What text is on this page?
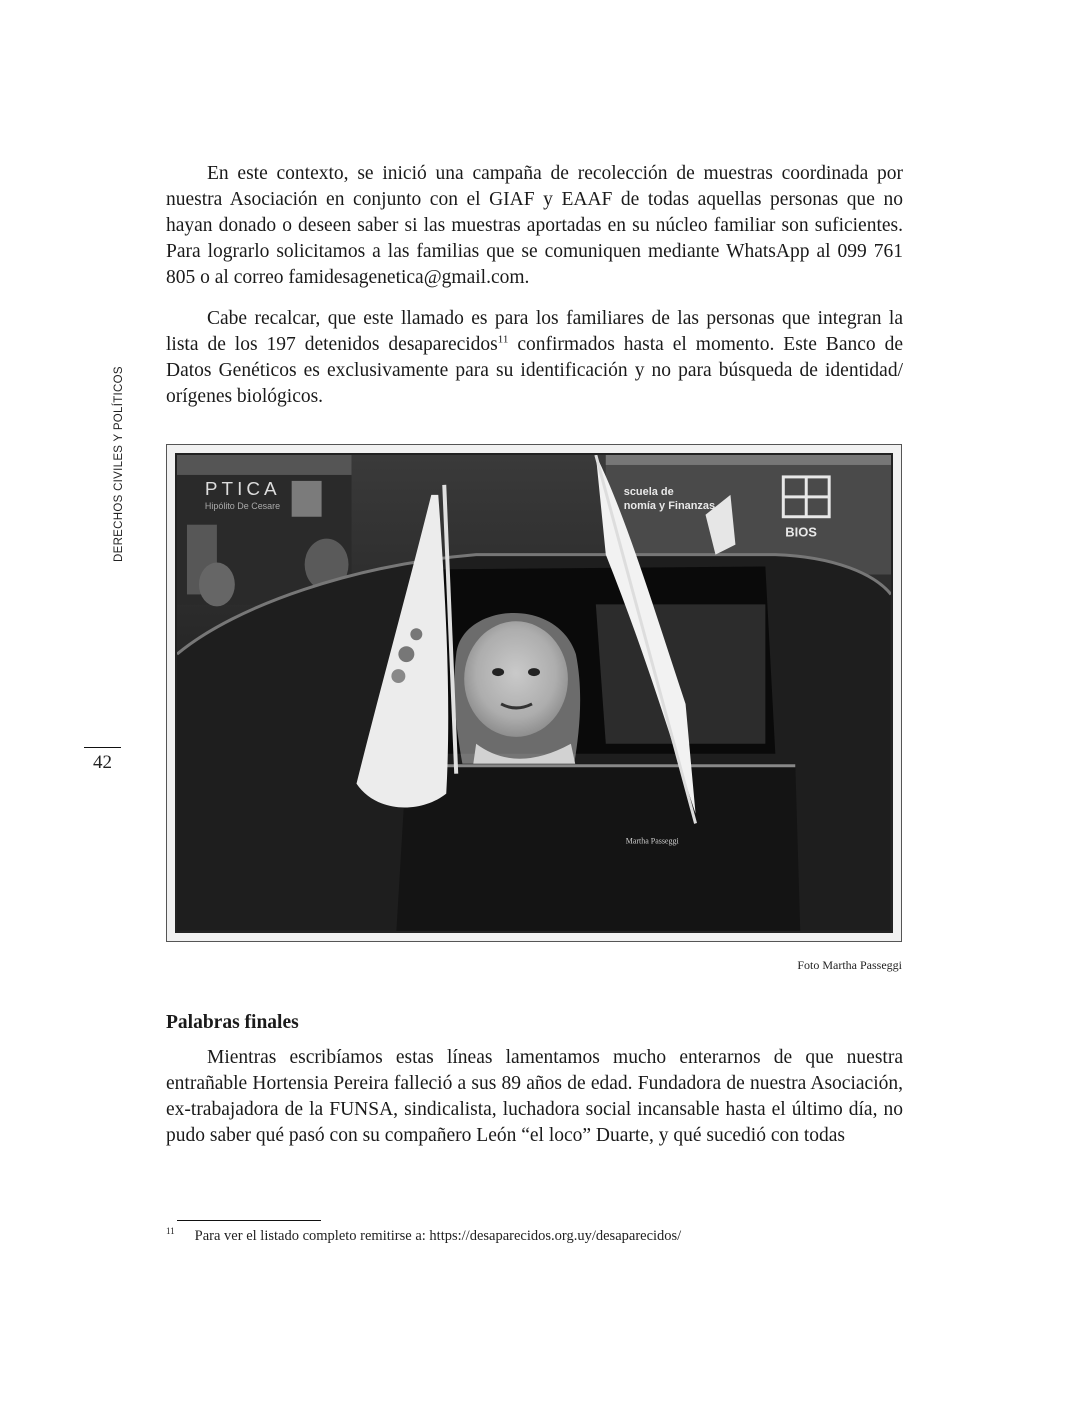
DERECHOS CIVILES Y POLÍTICOS
42

En este contexto, se inició una campaña de recolección de muestras coordinada por nuestra Asociación en conjunto con el GIAF y EAAF de todas aquellas personas que no hayan donado o deseen saber si las muestras aportadas en su núcleo familiar son suficientes. Para lograrlo solicitamos a las familias que se comuniquen mediante WhatsApp al 099 761 805 o al correo famidesagenetica@gmail.com.

Cabe recalcar, que este llamado es para los familiares de las personas que integran la lista de los 197 detenidos desaparecidos$^{11}$ confirmados hasta el momento. Este Banco de Datos Genéticos es exclusivamente para su identificación y no para búsqueda de identidad/ orígenes biológicos.

PTICA
Hipólito De Cesare
scuela de
nomía y Finanzas
BIOS
Martha Passeggi
Foto Martha Passeggi
Palabras finales

Mientras escribíamos estas líneas lamentamos mucho enterarnos de que nuestra entrañable Hortensia Pereira falleció a sus 89 años de edad. Fundadora de nuestra Asociación, ex-trabajadora de la FUNSA, sindicalista, luchadora social incansable hasta el último día, no pudo saber qué pasó con su compañero León “el loco” Duarte, y qué sucedió con todas

$^{11}$ Para ver el listado completo remitirse a: https://desaparecidos.org.uy/desaparecidos/
